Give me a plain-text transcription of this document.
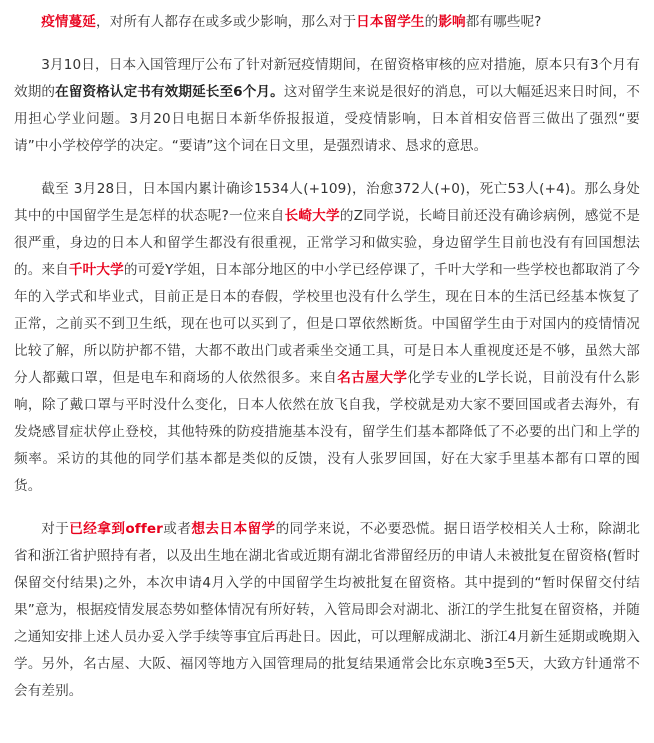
疫情蔓延，对所有人都存在或多或少影响，那么对于日本留学生的影响都有哪些呢?

3月10日，日本入国管理厅公布了针对新冠疫情期间，在留资格审核的应对措施，原本只有3个月有效期的在留资格认定书有效期延长至6个月。这对留学生来说是很好的消息，可以大幅延迟来日时间，不用担心学业问题。3月20日电据日本新华侨报报道，受疫情影响，日本首相安倍晋三做出了强烈“要请”中小学校停学的决定。“要请”这个词在日文里，是强烈请求、恳求的意思。

截至 3月28日，日本国内累计确诊1534人(+109)，治愈372人(+0)，死亡53人(+4)。那么身处其中的中国留学生是怎样的状态呢?一位来自长崎大学的Z同学说，长崎目前还没有确诊病例，感觉不是很严重，身边的日本人和留学生都没有很重视，正常学习和做实验，身边留学生目前也没有有回国想法的。来自千叶大学的可爱Y学姐，日本部分地区的中小学已经停课了，千叶大学和一些学校也都取消了今年的入学式和毕业式，目前正是日本的春假，学校里也没有什么学生，现在日本的生活已经基本恢复了正常，之前买不到卫生纸，现在也可以买到了，但是口罩依然断货。中国留学生由于对国内的疫情情况比较了解，所以防护都不错，大都不敢出门或者乘坐交通工具，可是日本人重视度还是不够，虽然大部分人都戴口罩，但是电车和商场的人依然很多。来自名古屋大学化学专业的L学长说，目前没有什么影响，除了戴口罩与平时没什么变化，日本人依然在放飞自我，学校就是劝大家不要回国或者去海外，有发烧感冒症状停止登校，其他特殊的防疫措施基本没有，留学生们基本都降低了不必要的出门和上学的频率。采访的其他的同学们基本都是类似的反馈，没有人张罗回国，好在大家手里基本都有口罩的囤货。

对于已经拿到offer或者想去日本留学的同学来说，不必要恐慌。据日语学校相关人士称，除湖北省和浙江省护照持有者，以及出生地在湖北省或近期有湖北省滞留经历的申请人未被批复在留资格(暂时保留交付结果)之外，本次申请4月入学的中国留学生均被批复在留资格。其中提到的“暂时保留交付结果”意为，根据疫情发展态势如整体情况有所好转，入管局即会对湖北、浙江的学生批复在留资格，并随之通知安排上述人员办妥入学手续等事宜后再赴日。因此，可以理解成湖北、浙江4月新生延期或晚期入学。另外，名古屋、大阪、福冈等地方入国管理局的批复结果通常会比东京晚3至5天，大致方针通常不会有差别。
